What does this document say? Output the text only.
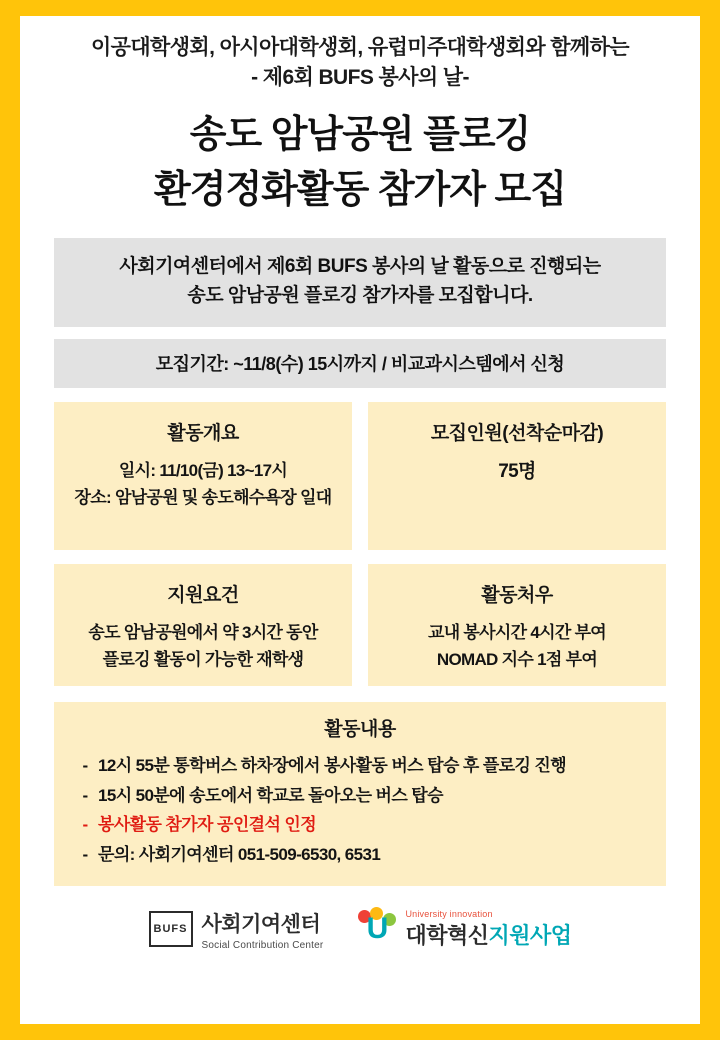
이공대학생회, 아시아대학생회, 유럽미주대학생회와 함께하는
- 제6회 BUFS 봉사의 날-
송도 암남공원 플로깅
환경정화활동 참가자 모집
사회기여센터에서 제6회 BUFS 봉사의 날 활동으로 진행되는
송도 암남공원 플로깅 참가자를 모집합니다.
모집기간: ~11/8(수) 15시까지 / 비교과시스템에서 신청
활동개요
일시: 11/10(금) 13~17시
장소: 암남공원 및 송도해수욕장 일대
모집인원(선착순마감)
75명
지원요건
송도 암남공원에서 약 3시간 동안
플로깅 활동이 가능한 재학생
활동처우
교내 봉사시간 4시간 부여
NOMAD 지수 1점 부여
활동내용
- 12시 55분 통학버스 하차장에서 봉사활동 버스 탑승 후 플로깅 진행
- 15시 50분에 송도에서 학교로 돌아오는 버스 탑승
- 봉사활동 참가자 공인결석 인정
- 문의: 사회기여센터 051-509-6530, 6531
BUFS 사회기여센터
Social Contribution Center	U	University innovation
대학혁신지원사업
